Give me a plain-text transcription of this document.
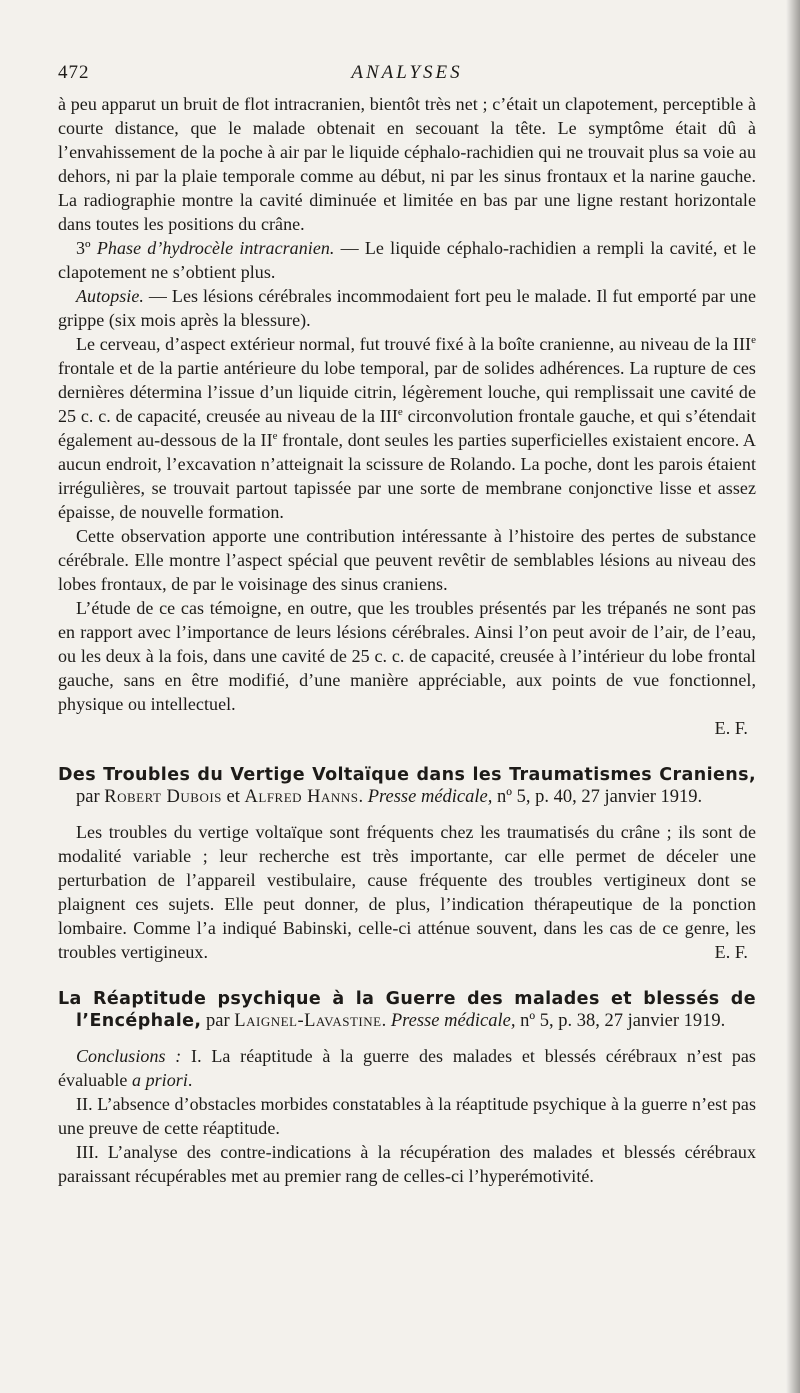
472	ANALYSES

à peu apparut un bruit de flot intracranien, bientôt très net ; c’était un clapotement, perceptible à courte distance, que le malade obtenait en secouant la tête. Le symptôme était dû à l’envahissement de la poche à air par le liquide céphalo-rachidien qui ne trouvait plus sa voie au dehors, ni par la plaie temporale comme au début, ni par les sinus frontaux et la narine gauche. La radiographie montre la cavité diminuée et limitée en bas par une ligne restant horizontale dans toutes les positions du crâne.

3º Phase d’hydrocèle intracranien. — Le liquide céphalo-rachidien a rempli la cavité, et le clapotement ne s’obtient plus.

Autopsie. — Les lésions cérébrales incommodaient fort peu le malade. Il fut emporté par une grippe (six mois après la blessure).

Le cerveau, d’aspect extérieur normal, fut trouvé fixé à la boîte cranienne, au niveau de la IIIe frontale et de la partie antérieure du lobe temporal, par de solides adhérences. La rupture de ces dernières détermina l’issue d’un liquide citrin, légèrement louche, qui remplissait une cavité de 25 c. c. de capacité, creusée au niveau de la IIIe circonvolution frontale gauche, et qui s’étendait également au-dessous de la IIe frontale, dont seules les parties superficielles existaient encore. A aucun endroit, l’excavation n’atteignait la scissure de Rolando. La poche, dont les parois étaient irrégulières, se trouvait partout tapissée par une sorte de membrane conjonctive lisse et assez épaisse, de nouvelle formation.

Cette observation apporte une contribution intéressante à l’histoire des pertes de substance cérébrale. Elle montre l’aspect spécial que peuvent revêtir de semblables lésions au niveau des lobes frontaux, de par le voisinage des sinus craniens.

L’étude de ce cas témoigne, en outre, que les troubles présentés par les trépanés ne sont pas en rapport avec l’importance de leurs lésions cérébrales. Ainsi l’on peut avoir de l’air, de l’eau, ou les deux à la fois, dans une cavité de 25 c. c. de capacité, creusée à l’intérieur du lobe frontal gauche, sans en être modifié, d’une manière appréciable, aux points de vue fonctionnel, physique ou intellectuel.

E. F.

Des Troubles du Vertige Voltaïque dans les Traumatismes Craniens, par Robert Dubois et Alfred Hanns. Presse médicale, nº 5, p. 40, 27 janvier 1919.

Les troubles du vertige voltaïque sont fréquents chez les traumatisés du crâne ; ils sont de modalité variable ; leur recherche est très importante, car elle permet de déceler une perturbation de l’appareil vestibulaire, cause fréquente des troubles vertigineux dont se plaignent ces sujets. Elle peut donner, de plus, l’indication thérapeutique de la ponction lombaire. Comme l’a indiqué Babinski, celle-ci atténue souvent, dans les cas de ce genre, les troubles vertigineux.	E. F.

La Réaptitude psychique à la Guerre des malades et blessés de l’Encéphale, par Laignel-Lavastine. Presse médicale, nº 5, p. 38, 27 janvier 1919.

Conclusions : I. La réaptitude à la guerre des malades et blessés cérébraux n’est pas évaluable a priori.

II. L’absence d’obstacles morbides constatables à la réaptitude psychique à la guerre n’est pas une preuve de cette réaptitude.

III. L’analyse des contre-indications à la récupération des malades et blessés cérébraux paraissant récupérables met au premier rang de celles-ci l’hyperémotivité.
